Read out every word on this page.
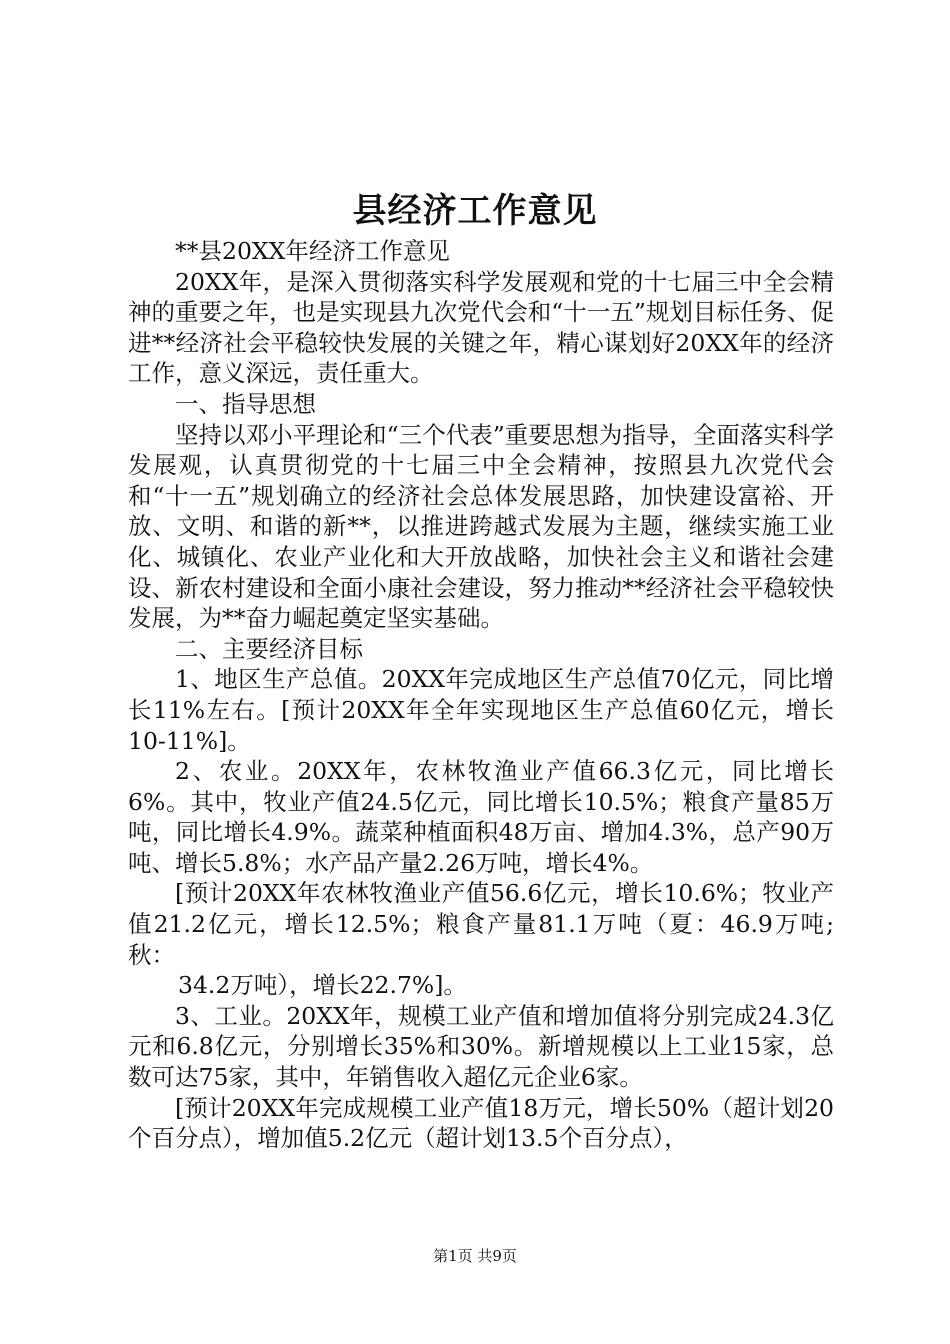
县经济工作意见

**县20XX年经济工作意见

20XX年，是深入贯彻落实科学发展观和党的十七届三中全会精神的重要之年，也是实现县九次党代会和“十一五”规划目标任务、促进**经济社会平稳较快发展的关键之年，精心谋划好20XX年的经济工作，意义深远，责任重大。

一、指导思想

坚持以邓小平理论和“三个代表”重要思想为指导，全面落实科学发展观，认真贯彻党的十七届三中全会精神，按照县九次党代会和“十一五”规划确立的经济社会总体发展思路，加快建设富裕、开放、文明、和谐的新**，以推进跨越式发展为主题，继续实施工业化、城镇化、农业产业化和大开放战略，加快社会主义和谐社会建设、新农村建设和全面小康社会建设，努力推动**经济社会平稳较快发展，为**奋力崛起奠定坚实基础。

二、主要经济目标

1、地区生产总值。20XX年完成地区生产总值70亿元，同比增长11%左右。[预计20XX年全年实现地区生产总值60亿元，增长10-11%]。

2、农业。20XX年，农林牧渔业产值66.3亿元，同比增长6%。其中，牧业产值24.5亿元，同比增长10.5%；粮食产量85万吨，同比增长4.9%。蔬菜种植面积48万亩、增加4.3%，总产90万吨、增长5.8%；水产品产量2.26万吨，增长4%。

[预计20XX年农林牧渔业产值56.6亿元，增长10.6%；牧业产值21.2亿元，增长12.5%；粮食产量81.1万吨（夏：46.9万吨;秋：

34.2万吨），增长22.7%]。

3、工业。20XX年，规模工业产值和增加值将分别完成24.3亿元和6.8亿元，分别增长35%和30%。新增规模以上工业15家，总数可达75家，其中，年销售收入超亿元企业6家。

[预计20XX年完成规模工业产值18万元，增长50%（超计划20个百分点），增加值5.2亿元（超计划13.5个百分点），

第1页 共9页
